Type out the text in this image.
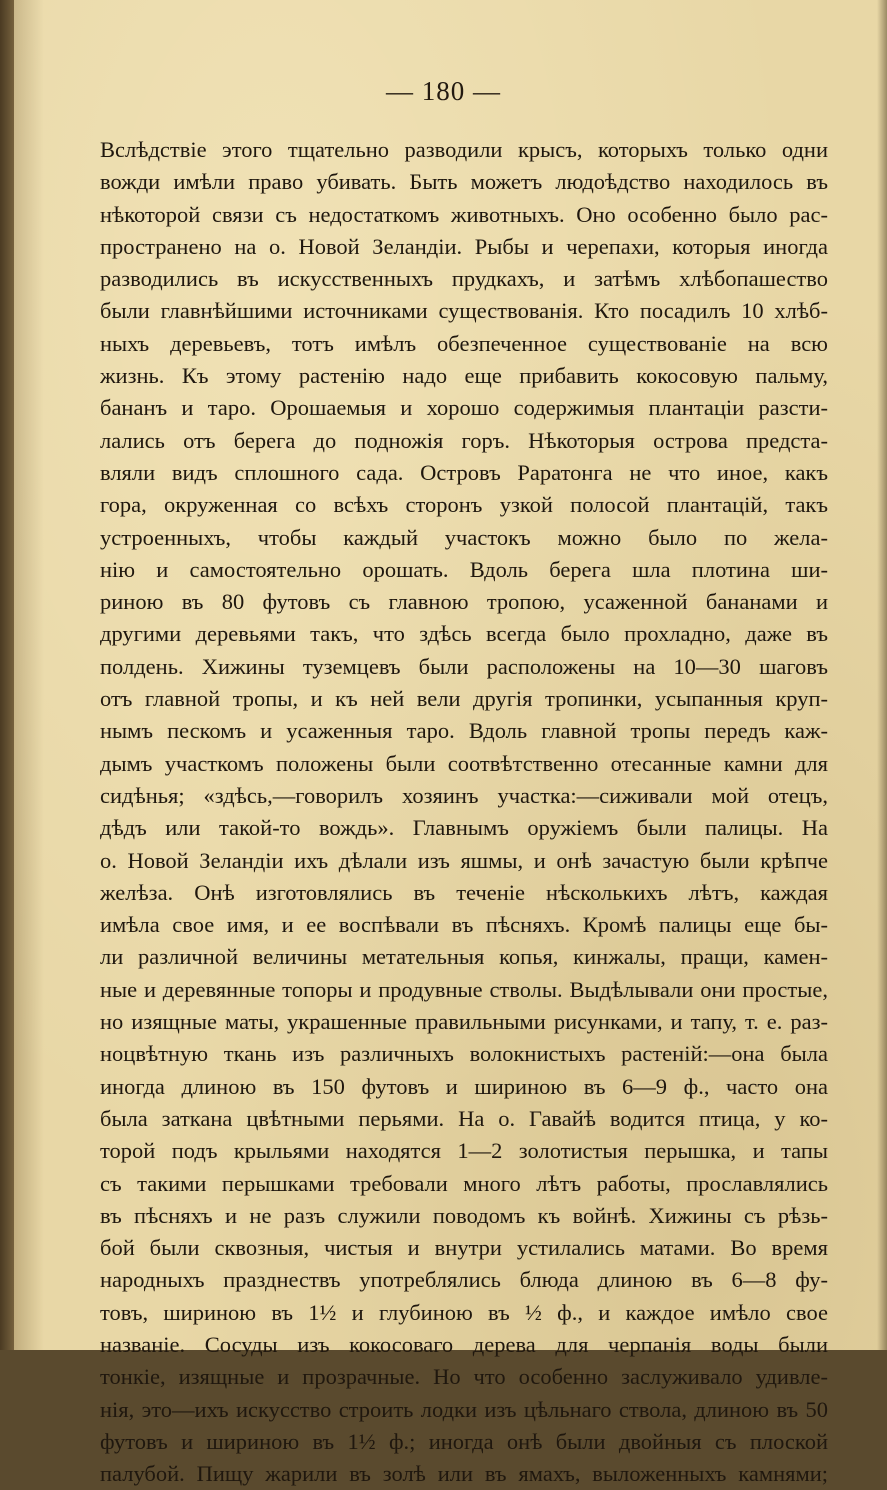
— 180 —
Вслѣдствіе этого тщательно разводили крысъ, которыхъ только одни
вожди имѣли право убивать. Быть можетъ людоѣдство находилось въ
нѣкоторой связи съ недостаткомъ животныхъ. Оно особенно было рас-
пространено на о. Новой Зеландіи. Рыбы и черепахи, которыя иногда
разводились въ искусственныхъ прудкахъ, и затѣмъ хлѣбопашество
были главнѣйшими источниками существованія. Кто посадилъ 10 хлѣб-
ныхъ деревьевъ, тотъ имѣлъ обезпеченное существованіе на всю
жизнь. Къ этому растенію надо еще прибавить кокосовую пальму,
бананъ и таро. Орошаемыя и хорошо содержимыя плантаціи рaзсти-
лались отъ берега до подножія горъ. Нѣкоторыя острова предста-
вляли видъ сплошного сада. Островъ Раратонга не что иное, какъ
гора, окруженная со всѣхъ сторонъ узкой полосой плантацій, такъ
устроенныхъ, чтобы каждый участокъ можно было по жела-
нію и самостоятельно орошать. Вдоль берега шла плотина ши-
риною въ 80 футовъ съ главною тропою, усаженной бананами и
другими деревьями такъ, что здѣсь всегда было прохладно, даже въ
полдень. Хижины туземцевъ были расположены на 10—30 шаговъ
отъ главной тропы, и къ ней вели другія тропинки, усыпанныя круп-
нымъ пескомъ и усаженныя таро. Вдоль главной тропы передъ каж-
дымъ участкомъ положены были соотвѣтственно отесанные камни для
сидѣнья; «здѣсь,—говорилъ хозяинъ участка:—сиживали мой отецъ,
дѣдъ или такой-то вождь». Главнымъ оружіемъ были палицы. На
о. Новой Зеландіи ихъ дѣлали изъ яшмы, и онѣ зачастую были крѣпче
желѣза. Онѣ изготовлялись въ теченіе нѣсколькихъ лѣтъ, каждая
имѣла свое имя, и ее воспѣвали въ пѣсняхъ. Кромѣ палицы еще бы-
ли различной величины метательныя копья, кинжалы, пращи, камен-
ные и деревянные топоры и продувные стволы. Выдѣлывали они простые,
но изящные маты, украшенные правильными рисунками, и тапу, т. е. раз-
ноцвѣтную ткань изъ различныхъ волокнистыхъ растеній:—она была
иногда длиною въ 150 футовъ и шириною въ 6—9 ф., часто она
была заткана цвѣтными перьями. На о. Гавайѣ водится птица, у ко-
торой подъ крыльями находятся 1—2 золотистыя перышка, и тапы
съ такими перышками требовали много лѣтъ работы, прославлялись
въ пѣсняхъ и не разъ служили поводомъ къ войнѣ. Хижины съ рѣзь-
бой были сквозныя, чистыя и внутри устилались матами. Во время
народныхъ празднествъ употреблялись блюда длиною въ 6—8 фу-
товъ, шириною въ 1½ и глубиною въ ½ ф., и каждое имѣло свое
названіе. Сосуды изъ кокосоваго дерева для черпанія воды были
тонкіе, изящные и прозрачные. Но что особенно заслуживало удивле-
нія, это—ихъ искусство строить лодки изъ цѣльнаго ствола, длиною въ 50
футовъ и шириною въ 1½ ф.; иногда онѣ были двойныя съ плоской
палубой. Пищу жарили въ золѣ или въ ямахъ, выложенныхъ камнями;
